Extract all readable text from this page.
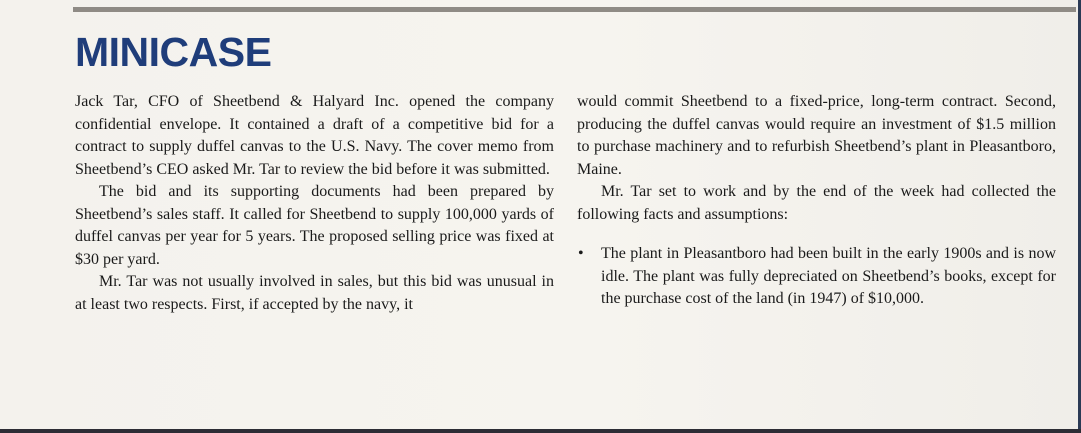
MINICASE

Jack Tar, CFO of Sheetbend & Halyard Inc. opened the company confidential envelope. It contained a draft of a competitive bid for a contract to supply duffel canvas to the U.S. Navy. The cover memo from Sheetbend’s CEO asked Mr. Tar to review the bid before it was submitted.

The bid and its supporting documents had been prepared by Sheetbend’s sales staff. It called for Sheetbend to supply 100,000 yards of duffel canvas per year for 5 years. The proposed selling price was fixed at $30 per yard.

Mr. Tar was not usually involved in sales, but this bid was unusual in at least two respects. First, if accepted by the navy, it

would commit Sheetbend to a fixed-price, long-term contract. Second, producing the duffel canvas would require an investment of $1.5 million to purchase machinery and to refurbish Sheetbend’s plant in Pleasantboro, Maine.

Mr. Tar set to work and by the end of the week had collected the following facts and assumptions:

• The plant in Pleasantboro had been built in the early 1900s and is now idle. The plant was fully depreciated on Sheetbend’s books, except for the purchase cost of the land (in 1947) of $10,000.
